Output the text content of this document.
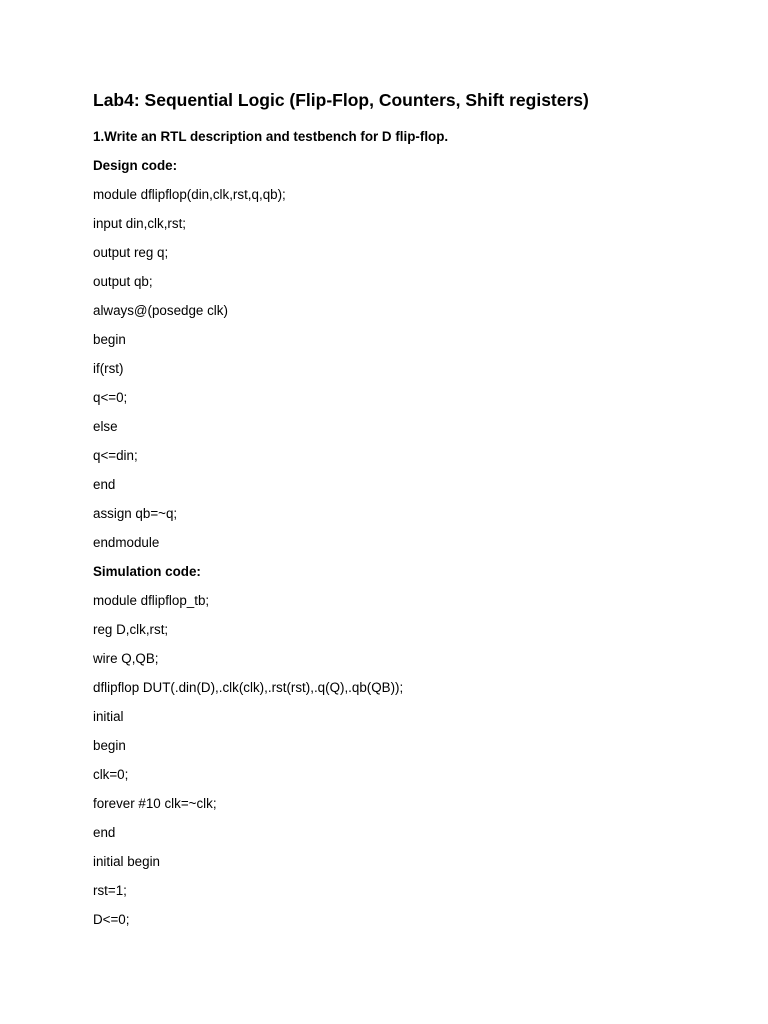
Lab4: Sequential Logic (Flip-Flop, Counters, Shift registers)
1.Write an RTL description and testbench for D flip-flop.
Design code:
module dflipflop(din,clk,rst,q,qb);
input din,clk,rst;
output reg q;
output qb;
always@(posedge clk)
begin
if(rst)
q<=0;
else
q<=din;
end
assign qb=~q;
endmodule
Simulation code:
module dflipflop_tb;
reg D,clk,rst;
wire Q,QB;
dflipflop DUT(.din(D),.clk(clk),.rst(rst),.q(Q),.qb(QB));
initial
begin
clk=0;
forever #10 clk=~clk;
end
initial begin
rst=1;
D<=0;
